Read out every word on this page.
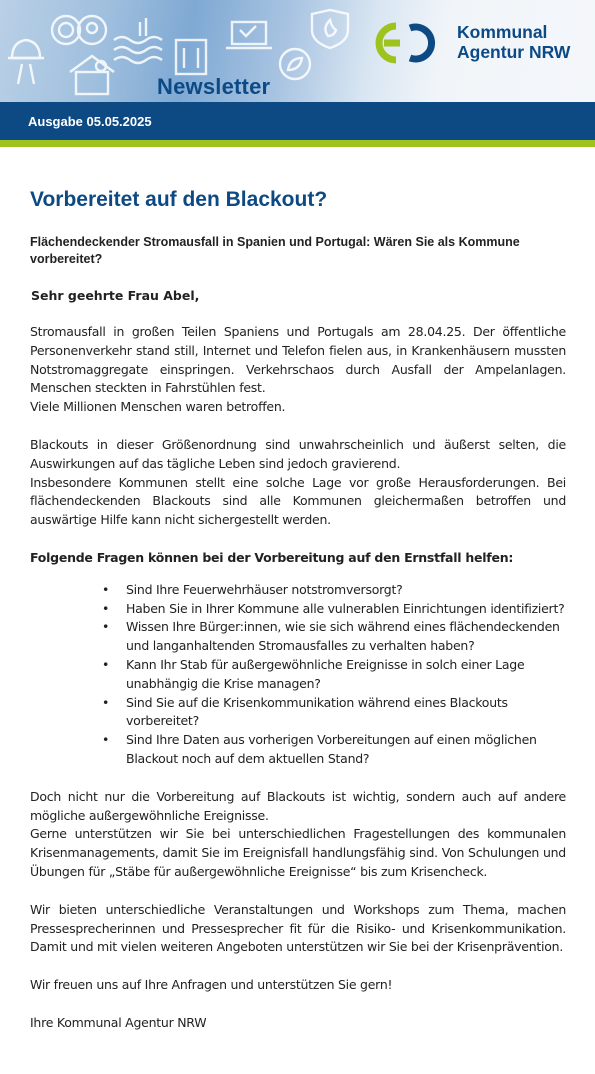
Newsletter
Kommunal
Agentur NRW
Ausgabe 05.05.2025
Vorbereitet auf den Blackout?
Flächendeckender Stromausfall in Spanien und Portugal: Wären Sie als Kommune vorbereitet?
Sehr geehrte Frau Abel,

Stromausfall in großen Teilen Spaniens und Portugals am 28.04.25. Der öffentliche Personenverkehr stand still, Internet und Telefon fielen aus, in Krankenhäusern mussten Notstromaggregate einspringen. Verkehrschaos durch Ausfall der Ampelanlagen. Menschen steckten in Fahrstühlen fest.

Viele Millionen Menschen waren betroffen.

Blackouts in dieser Größenordnung sind unwahrscheinlich und äußerst selten, die Auswirkungen auf das tägliche Leben sind jedoch gravierend.

Insbesondere Kommunen stellt eine solche Lage vor große Herausforderungen. Bei flächendeckenden Blackouts sind alle Kommunen gleichermaßen betroffen und auswärtige Hilfe kann nicht sichergestellt werden.

Folgende Fragen können bei der Vorbereitung auf den Ernstfall helfen:

• Sind Ihre Feuerwehrhäuser notstromversorgt?
• Haben Sie in Ihrer Kommune alle vulnerablen Einrichtungen identifiziert?
• Wissen Ihre Bürger:innen, wie sie sich während eines flächendeckenden und langanhaltenden Stromausfalles zu verhalten haben?
• Kann Ihr Stab für außergewöhnliche Ereignisse in solch einer Lage unabhängig die Krise managen?
• Sind Sie auf die Krisenkommunikation während eines Blackouts vorbereitet?
• Sind Ihre Daten aus vorherigen Vorbereitungen auf einen möglichen Blackout noch auf dem aktuellen Stand?

Doch nicht nur die Vorbereitung auf Blackouts ist wichtig, sondern auch auf andere mögliche außergewöhnliche Ereignisse.

Gerne unterstützen wir Sie bei unterschiedlichen Fragestellungen des kommunalen Krisenmanagements, damit Sie im Ereignisfall handlungsfähig sind. Von Schulungen und Übungen für „Stäbe für außergewöhnliche Ereignisse“ bis zum Krisencheck.

Wir bieten unterschiedliche Veranstaltungen und Workshops zum Thema, machen Pressesprecherinnen und Pressesprecher fit für die Risiko- und Krisenkommunikation. Damit und mit vielen weiteren Angeboten unterstützen wir Sie bei der Krisenprävention.

Wir freuen uns auf Ihre Anfragen und unterstützen Sie gern!

Ihre Kommunal Agentur NRW
